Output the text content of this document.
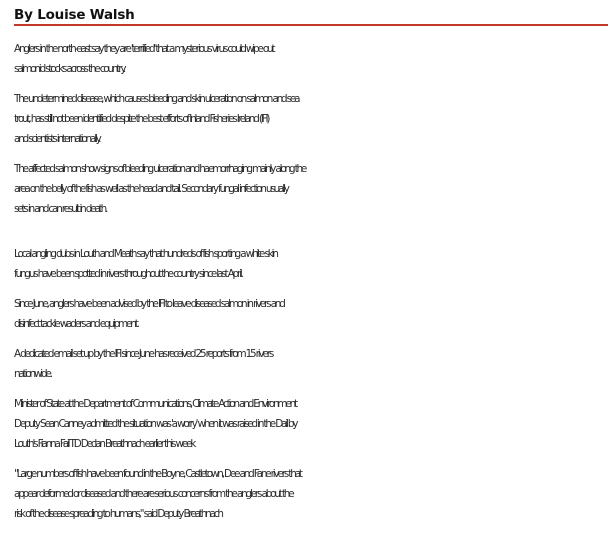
By Louise Walsh
Anglers in the north-east say they are 'terrified' that a mysterious virus could wipe out
salmonid stocks across the country.
The undetermined disease, which causes bleeding and skin ulceration on salmon and sea
trout, has still not been identified despite the best efforts of Inland Fisheries Ireland (IFI)
and scientists internationally.
The affected salmon show signs of bleeding ulceration and haemorrhaging mainly along the
area on the belly of the fish as well as the head and tail. Secondary fungal infection usually
sets in and can result in death.
Local angling clubs in Louth and Meath say that hundreds of fish sporting a white skin
fungus have been spotted in rivers throughout the country since last April.
Since June, anglers have been advised by the IFI to leave diseased salmon in rivers and
disinfect tackle waders and equipment.
A dedicated email set up by the IFI since June has received 25 reports from 15 rivers
nationwide.
Minister of State at the Department of Communications, Climate Action and Environment
Deputy Sean Canney admitted the situation was 'a worry' when it was raised in the Dail by
Louth's Fianna Fail TD Declan Breathnach earlier this week
"Large numbers of fish have been found in the Boyne, Castletown, Dee and Fane rivers that
appear deformed or diseased and there are serious concerns from the anglers about the
risk of the disease spreading to humans," said Deputy Breathnach
